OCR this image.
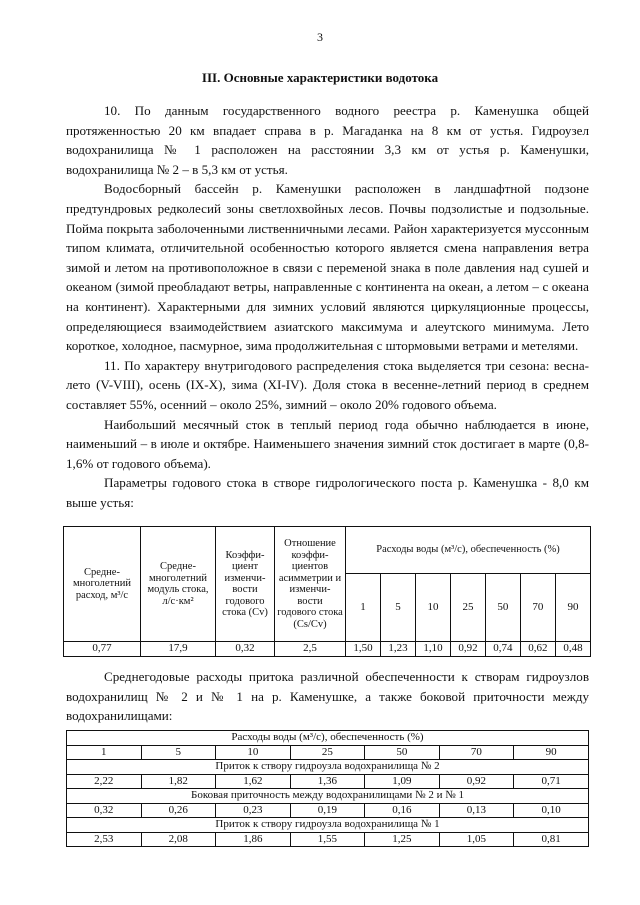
3
III. Основные характеристики водотока

10. По данным государственного водного реестра р. Каменушка общей протяженностью 20 км впадает справа в р. Магаданка на 8 км от устья. Гидроузел водохранилища № 1 расположен на расстоянии 3,3 км от устья р. Каменушки, водохранилища № 2 – в 5,3 км от устья.

Водосборный бассейн р. Каменушки расположен в ландшафтной подзоне предтундровых редколесий зоны светлохвойных лесов. Почвы подзолистые и подзольные. Пойма покрыта заболоченными лиственничными лесами. Район характеризуется муссонным типом климата, отличительной особенностью которого является смена направления ветра зимой и летом на противоположное в связи с переменой знака в поле давления над сушей и океаном (зимой преобладают ветры, направленные с континента на океан, а летом – с океана на континент). Характерными для зимних условий являются циркуляционные процессы, определяющиеся взаимодействием азиатского максимума и алеутского минимума. Лето короткое, холодное, пасмурное, зима продолжительная с штормовыми ветрами и метелями.

11. По характеру внутригодового распределения стока выделяется три сезона: весна-лето (V-VIII), осень (IX-X), зима (XI-IV). Доля стока в весенне-летний период в среднем составляет 55%, осенний – около 25%, зимний – около 20% годового объема.

Наибольший месячный сток в теплый период года обычно наблюдается в июне, наименьший – в июле и октябре. Наименьшего значения зимний сток достигает в марте (0,8-1,6% от годового объема).

Параметры годового стока в створе гидрологического поста р. Каменушка - 8,0 км выше устья:

Средне-многолетний расход, м³/с	Средне-многолетний модуль стока, л/с·км²	Коэффи-циент изменчи-вости годового стока (Cv)	Отношение коэффи-циентов асимметрии и изменчи-вости годового стока (Cs/Cv)	Расходы воды (м³/с), обеспеченность (%)						
				1	5	10	25	50	70	90
0,77	17,9	0,32	2,5	1,50	1,23	1,10	0,92	0,74	0,62	0,48

Среднегодовые расходы притока различной обеспеченности к створам гидроузлов водохранилищ № 2 и № 1 на р. Каменушке, а также боковой приточности между водохранилищами:

Расходы воды (м³/с), обеспеченность (%)						
1	5	10	25	50	70	90
Приток к створу гидроузла водохранилища № 2						
2,22	1,82	1,62	1,36	1,09	0,92	0,71
Боковая приточность между водохранилищами № 2 и № 1						
0,32	0,26	0,23	0,19	0,16	0,13	0,10
Приток к створу гидроузла водохранилища № 1						
2,53	2,08	1,86	1,55	1,25	1,05	0,81
